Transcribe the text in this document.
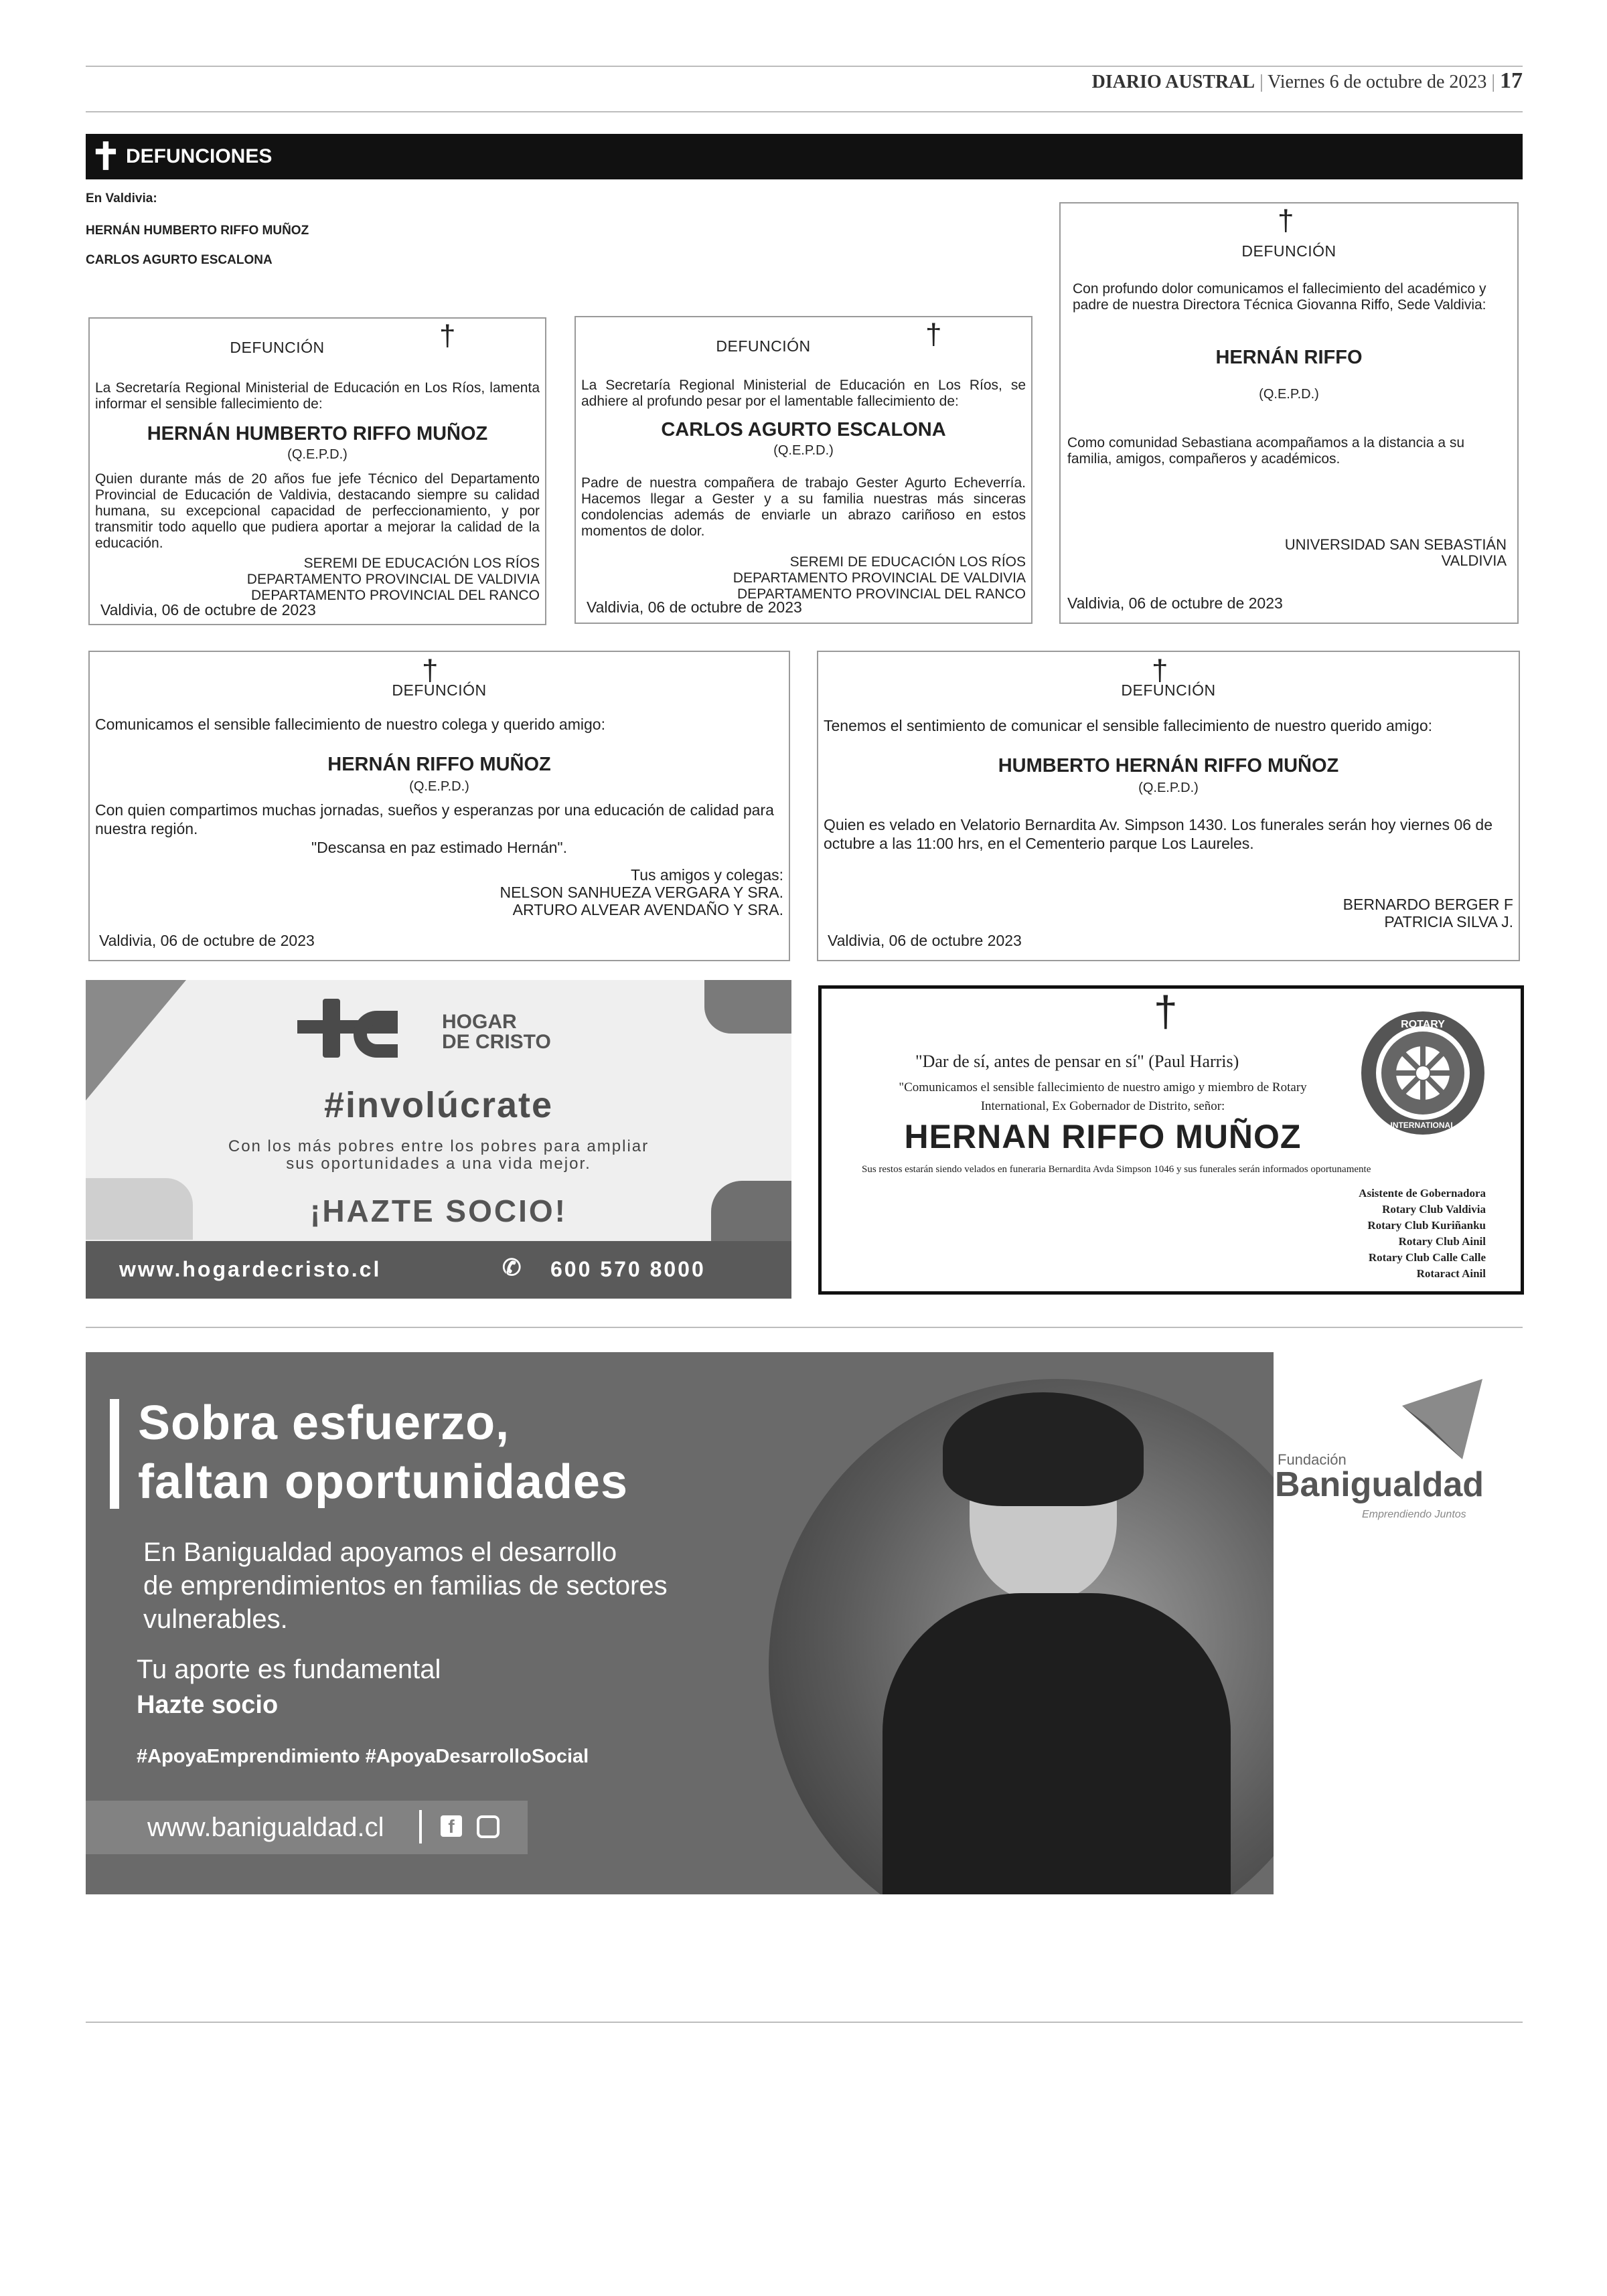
DIARIO AUSTRAL | Viernes 6 de octubre de 2023 | 17
✝ DEFUNCIONES
En Valdivia:
HERNÁN HUMBERTO RIFFO MUÑOZ
CARLOS AGURTO ESCALONA
DEFUNCIÓN	†
La Secretaría Regional Ministerial de Educación en Los Ríos, lamenta informar el sensible fallecimiento de:
HERNÁN HUMBERTO RIFFO MUÑOZ
(Q.E.P.D.)
Quien durante más de 20 años fue jefe Técnico del Departamento Provincial de Educación de Valdivia, destacando siempre su calidad humana, su excepcional capacidad de perfeccionamiento, y por transmitir todo aquello que pudiera aportar a mejorar la calidad de la educación.
SEREMI DE EDUCACIÓN LOS RÍOS
DEPARTAMENTO PROVINCIAL DE VALDIVIA
DEPARTAMENTO PROVINCIAL DEL RANCO
Valdivia, 06 de octubre de 2023
DEFUNCIÓN	†
La Secretaría Regional Ministerial de Educación en Los Ríos, se adhiere al profundo pesar por el lamentable fallecimiento de:
CARLOS AGURTO ESCALONA
(Q.E.P.D.)
Padre de nuestra compañera de trabajo Gester Agurto Echeverría. Hacemos llegar a Gester y a su familia nuestras más sinceras condolencias además de enviarle un abrazo cariñoso en estos momentos de dolor.
SEREMI DE EDUCACIÓN LOS RÍOS
DEPARTAMENTO PROVINCIAL DE VALDIVIA
DEPARTAMENTO PROVINCIAL DEL RANCO
Valdivia, 06 de octubre de 2023
†
DEFUNCIÓN
Con profundo dolor comunicamos el fallecimiento del académico y padre de nuestra Directora Técnica Giovanna Riffo, Sede Valdivia:
HERNÁN RIFFO
(Q.E.P.D.)
Como comunidad Sebastiana acompañamos a la distancia a su familia, amigos, compañeros y académicos.
UNIVERSIDAD SAN SEBASTIÁN
VALDIVIA
Valdivia, 06 de octubre de 2023
†
DEFUNCIÓN
Comunicamos el sensible fallecimiento de nuestro colega y querido amigo:
HERNÁN RIFFO MUÑOZ
(Q.E.P.D.)
Con quien compartimos muchas jornadas, sueños y esperanzas por una educación de calidad para nuestra región.
"Descansa en paz estimado Hernán".
Tus amigos y colegas:
NELSON SANHUEZA VERGARA Y SRA.
ARTURO ALVEAR AVENDAÑO Y SRA.
Valdivia, 06 de octubre de 2023
†
DEFUNCIÓN
Tenemos el sentimiento de comunicar el sensible fallecimiento de nuestro querido amigo:
HUMBERTO HERNÁN RIFFO MUÑOZ
(Q.E.P.D.)
Quien es velado en Velatorio Bernardita Av. Simpson 1430. Los funerales serán hoy viernes 06 de octubre a las 11:00 hrs, en el Cementerio parque Los Laureles.
BERNARDO BERGER F
PATRICIA SILVA J.
Valdivia, 06 de octubre 2023
HOGAR
DE CRISTO
#involúcrate
Con los más pobres entre los pobres para ampliar
sus oportunidades a una vida mejor.
¡HAZTE SOCIO!
www.hogardecristo.cl	✆ 600 570 8000
†
"Dar de sí, antes de pensar en sí" (Paul Harris)
"Comunicamos el sensible fallecimiento de nuestro amigo y miembro de Rotary
International, Ex Gobernador de Distrito, señor:
HERNAN RIFFO MUÑOZ
Sus restos estarán siendo velados en funeraria Bernardita Avda Simpson 1046 y sus funerales serán informados oportunamente
Asistente de Gobernadora
Rotary Club Valdivia
Rotary Club Kuriñanku
Rotary Club Ainil
Rotary Club Calle Calle
Rotaract Ainil
ROTARY
INTERNATIONAL
Sobra esfuerzo,
faltan oportunidades
En Banigualdad apoyamos el desarrollo
de emprendimientos en familias de sectores
vulnerables.
Tu aporte es fundamental
Hazte socio
#ApoyaEmprendimiento #ApoyaDesarrolloSocial
www.banigualdad.cl	f
Fundación
Banigualdad
Emprendiendo Juntos
